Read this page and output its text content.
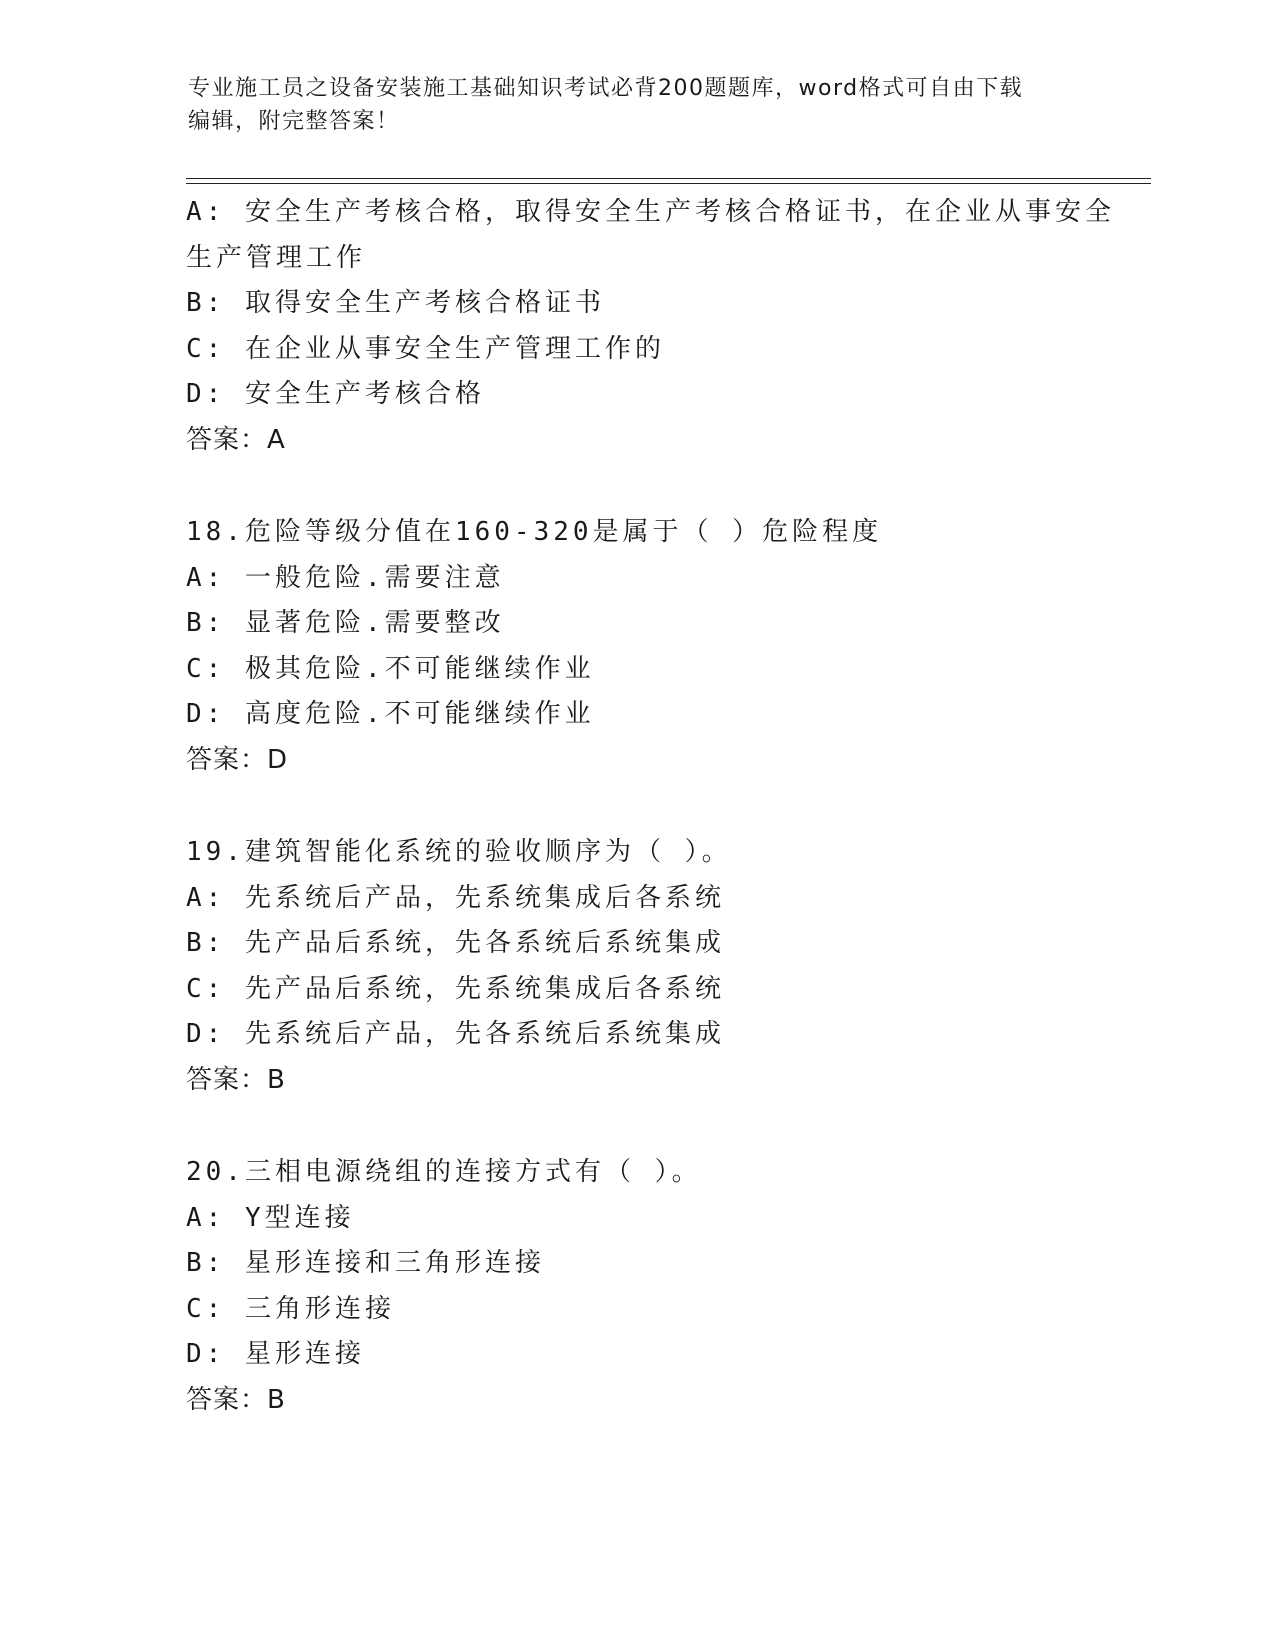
专业施工员之设备安装施工基础知识考试必背200题题库，word格式可自由下载
编辑，附完整答案！
A: 安全生产考核合格，取得安全生产考核合格证书，在企业从事安全
生产管理工作
B: 取得安全生产考核合格证书
C: 在企业从事安全生产管理工作的
D: 安全生产考核合格
答案：A
18.危险等级分值在160-320是属于（ ）危险程度
A: 一般危险.需要注意
B: 显著危险.需要整改
C: 极其危险.不可能继续作业
D: 高度危险.不可能继续作业
答案：D
19.建筑智能化系统的验收顺序为（ ）。
A: 先系统后产品，先系统集成后各系统
B: 先产品后系统，先各系统后系统集成
C: 先产品后系统，先系统集成后各系统
D: 先系统后产品，先各系统后系统集成
答案：B
20.三相电源绕组的连接方式有（ ）。
A: Y型连接
B: 星形连接和三角形连接
C: 三角形连接
D: 星形连接
答案：B
